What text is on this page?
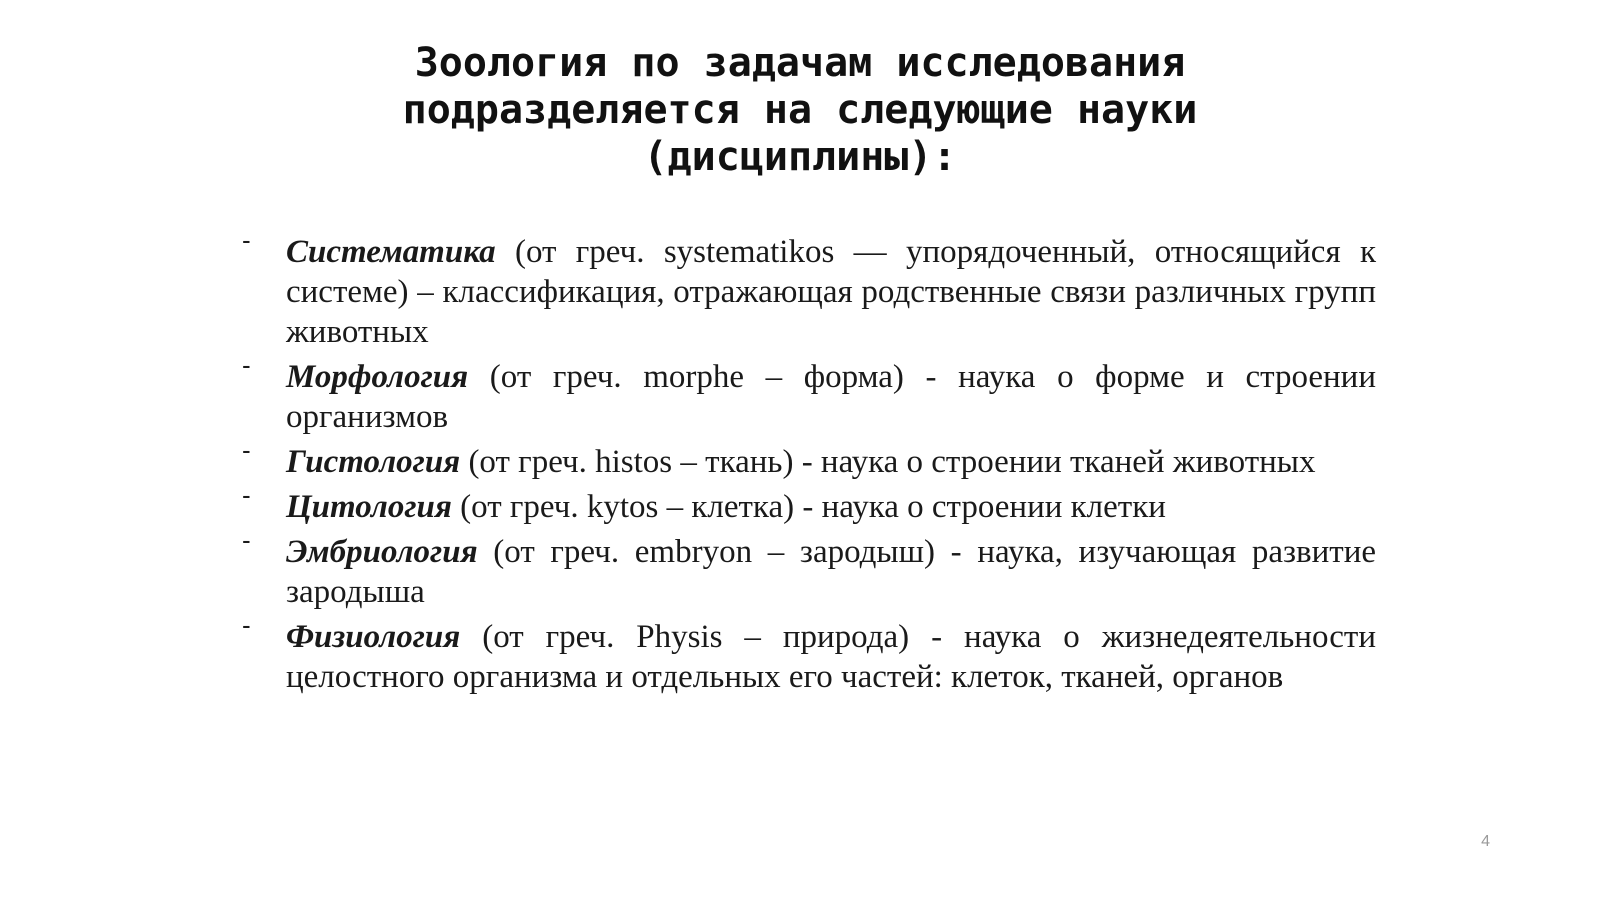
Зоология по задачам исследования
подразделяется на следующие науки
(дисциплины):
- Систематика (от греч. systematikos — упорядоченный, относящийся к системе) – классификация, отражающая родственные связи различных групп животных
- Морфология (от греч. morphe – форма) - наука о форме и строении организмов
- Гистология (от греч. histos – ткань) - наука о строении тканей животных
- Цитология (от греч. kytos – клетка) - наука о строении клетки
- Эмбриология (от греч. embryon – зародыш) - наука, изучающая развитие зародыша
- Физиология (от греч. Physis – природа) - наука о жизнедеятельности целостного организма и отдельных его частей: клеток, тканей, органов
4
